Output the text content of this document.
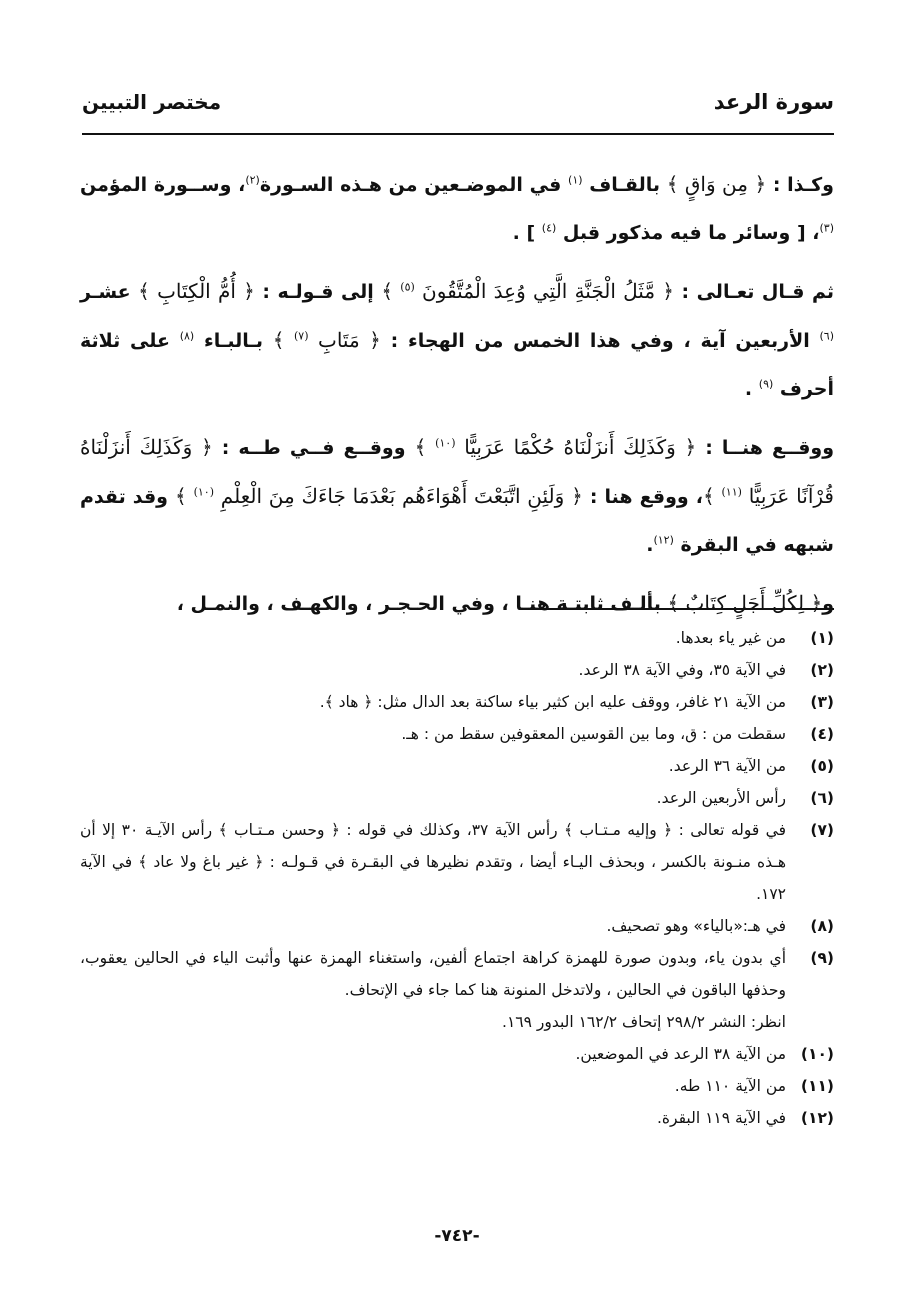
سورة الرعد
مختصر التبيين

وكـذا : ﴿ مِن وَاقٍ ﴾ بالقـاف $^{(١)}$ في الموضـعين من هـذه السـورة$^{(٢)}$، وســورة المؤمن $^{(٣)}$، [ وسائر ما فيه مذكور قبل $^{(٤)}$ ] .

ثم قـال تعـالى : ﴿ مَّثَلُ الْجَنَّةِ الَّتِي وُعِدَ الْمُتَّقُونَ $^{(٥)}$ ﴾ إلى قـولـه : ﴿ أُمُّ الْكِتَابِ ﴾ عشـر $^{(٦)}$ الأربعين آية ، وفي هذا الخمس من الهجاء : ﴿ مَتَابِ $^{(٧)}$ ﴾ بـالبـاء $^{(٨)}$ على ثلاثة أحرف $^{(٩)}$ .

ووقــع هنــا : ﴿ وَكَذَلِكَ أَنزَلْنَاهُ حُكْمًا عَرَبِيًّا $^{(١٠)}$ ﴾ ووقــع فــي طــه : ﴿ وَكَذَلِكَ أَنزَلْنَاهُ قُرْآنًا عَرَبِيًّا $^{(١١)}$ ﴾، ووقع هنا : ﴿ وَلَئِنِ اتَّبَعْتَ أَهْوَاءَهُم بَعْدَمَا جَاءَكَ مِنَ الْعِلْمِ $^{(١٠)}$ ﴾ وقد تقدم شبهه في البقرة $^{(١٢)}$.

و﴿ لِكُلِّ أَجَلٍ كِتَابٌ ﴾ بألـف ثابتـة هنـا ، وفي الحـجـر ، والكهـف ، والنمـل ،

(١)
من غير ياء بعدها.
(٢)
في الآية ٣٥، وفي الآية ٣٨ الرعد.
(٣)
من الآية ٢١ غافر، ووقف عليه ابن كثير بياء ساكنة بعد الدال مثل: ﴿ هاد ﴾.
(٤)
سقطت من : ق، وما بين القوسين المعقوفين سقط من : هـ.
(٥)
من الآية ٣٦ الرعد.
(٦)
رأس الأربعين الرعد.
(٧)
في قوله تعالى : ﴿ وإليه مـتـاب ﴾ رأس الآية ٣٧، وكذلك في قوله : ﴿ وحسن مـتـاب ﴾ رأس الآيـة ٣٠ إلا أن هـذه منـونة بالكسر ، وبحذف اليـاء أيضا ، وتقدم نظيرها في البقـرة في قـولـه : ﴿ غير باغ ولا عاد ﴾ في الآية ١٧٢.
(٨)
في هـ:«بالياء» وهو تصحيف.
(٩)
أي بدون ياء، وبدون صورة للهمزة كراهة اجتماع ألفين، واستغناء الهمزة عنها وأثبت الياء في الحالين يعقوب، وحذفها الباقون في الحالين ، ولاتدخل المنونة هنا كما جاء في الإتحاف.
انظر: النشر ٢٩٨/٢ إتحاف ١٦٢/٢ البدور ١٦٩.
(١٠)
من الآية ٣٨ الرعد في الموضعين.
(١١)
من الآية ١١٠ طه.
(١٢)
في الآية ١١٩ البقرة.
-٧٤٢-
